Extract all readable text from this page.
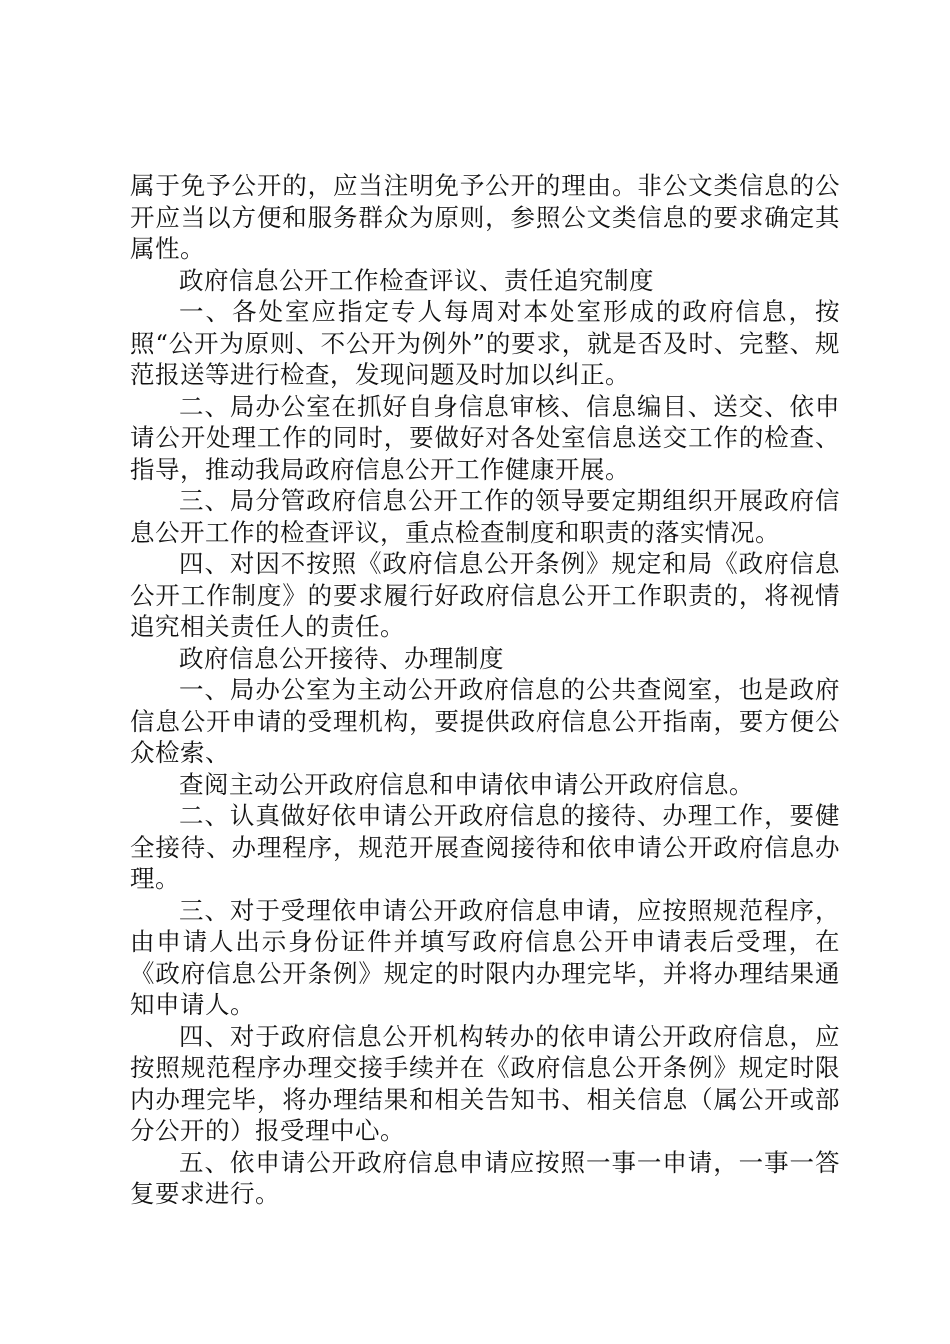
属于免予公开的，应当注明免予公开的理由。非公文类信息的公开应当以方便和服务群众为原则，参照公文类信息的要求确定其属性。

政府信息公开工作检查评议、责任追究制度

一、各处室应指定专人每周对本处室形成的政府信息，按照“公开为原则、不公开为例外”的要求，就是否及时、完整、规范报送等进行检查，发现问题及时加以纠正。

二、局办公室在抓好自身信息审核、信息编目、送交、依申请公开处理工作的同时，要做好对各处室信息送交工作的检查、指导，推动我局政府信息公开工作健康开展。

三、局分管政府信息公开工作的领导要定期组织开展政府信息公开工作的检查评议，重点检查制度和职责的落实情况。

四、对因不按照《政府信息公开条例》规定和局《政府信息公开工作制度》的要求履行好政府信息公开工作职责的，将视情追究相关责任人的责任。

政府信息公开接待、办理制度

一、局办公室为主动公开政府信息的公共查阅室，也是政府信息公开申请的受理机构，要提供政府信息公开指南，要方便公众检索、

查阅主动公开政府信息和申请依申请公开政府信息。

二、认真做好依申请公开政府信息的接待、办理工作，要健全接待、办理程序，规范开展查阅接待和依申请公开政府信息办理。

三、对于受理依申请公开政府信息申请，应按照规范程序，由申请人出示身份证件并填写政府信息公开申请表后受理，在《政府信息公开条例》规定的时限内办理完毕，并将办理结果通知申请人。

四、对于政府信息公开机构转办的依申请公开政府信息，应按照规范程序办理交接手续并在《政府信息公开条例》规定时限内办理完毕，将办理结果和相关告知书、相关信息（属公开或部分公开的）报受理中心。

五、依申请公开政府信息申请应按照一事一申请，一事一答复要求进行。
